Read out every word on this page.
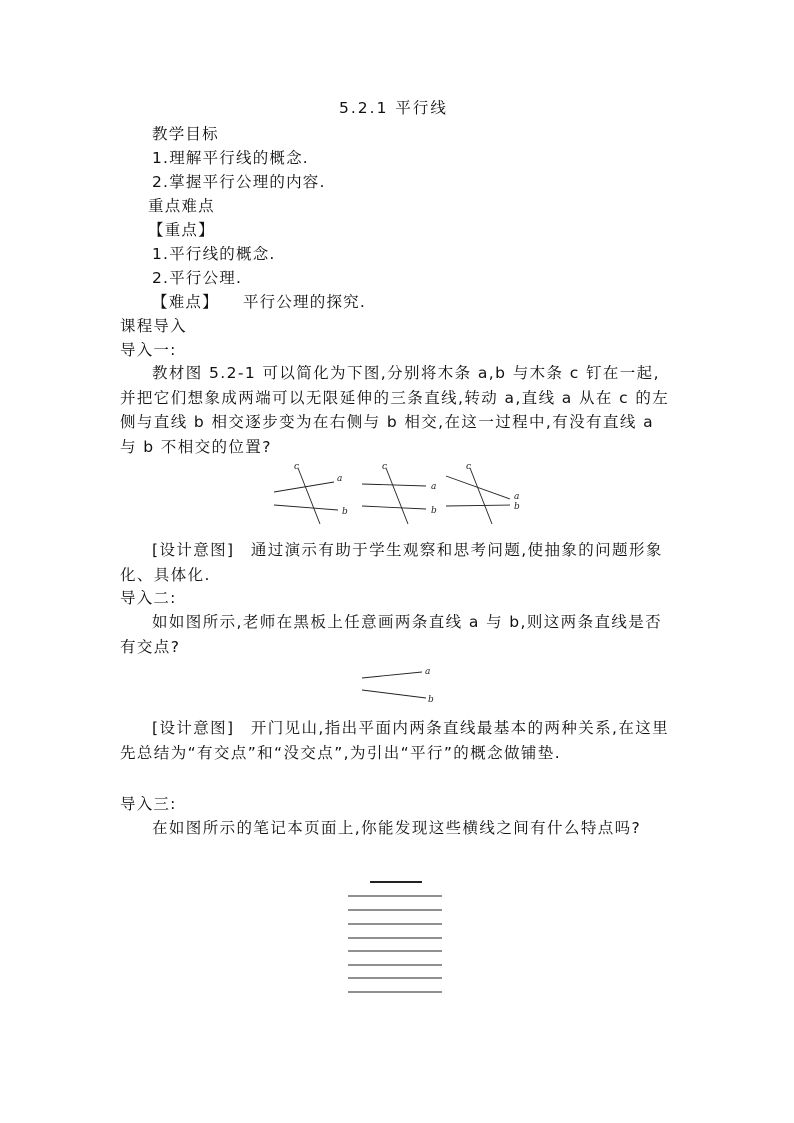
5.2.1 平行线
教学目标
1.理解平行线的概念.
2.掌握平行公理的内容.
重点难点
【重点】
1.平行线的概念.
2.平行公理.
【难点】 平行公理的探究.
课程导入
导入一:
教材图 5.2-1 可以简化为下图,分别将木条 a,b 与木条 c 钉在一起,并把它们想象成两端可以无限延伸的三条直线,转动 a,直线 a 从在 c 的左侧与直线 b 相交逐步变为在右侧与 b 相交,在这一过程中,有没有直线 a 与 b 不相交的位置?
c
a
b
c
a
b
c
a
b
[设计意图] 通过演示有助于学生观察和思考问题,使抽象的问题形象化、具体化.
导入二:
如如图所示,老师在黑板上任意画两条直线 a 与 b,则这两条直线是否有交点?
a
b
[设计意图] 开门见山,指出平面内两条直线最基本的两种关系,在这里先总结为“有交点”和“没交点”,为引出“平行”的概念做铺垫.
导入三:
在如图所示的笔记本页面上,你能发现这些横线之间有什么特点吗?
